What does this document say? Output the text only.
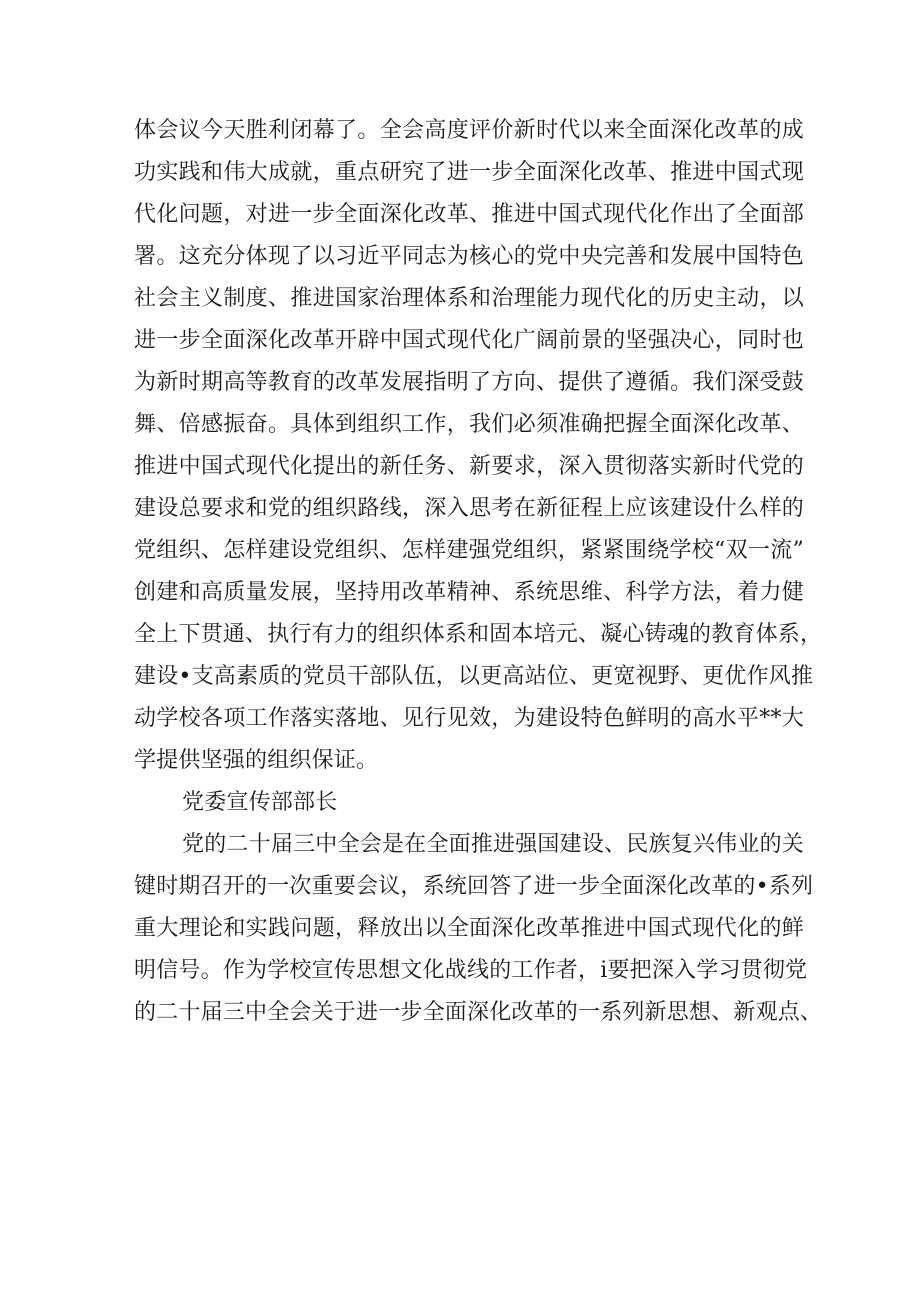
体会议今天胜利闭幕了。全会高度评价新时代以来全面深化改革的成
功实践和伟大成就，重点研究了进一步全面深化改革、推进中国式现
代化问题，对进一步全面深化改革、推进中国式现代化作出了全面部
署。这充分体现了以习近平同志为核心的党中央完善和发展中国特色
社会主义制度、推进国家治理体系和治理能力现代化的历史主动，以
进一步全面深化改革开辟中国式现代化广阔前景的坚强决心，同时也
为新时期高等教育的改革发展指明了方向、提供了遵循。我们深受鼓
舞、倍感振奋。具体到组织工作，我们必须准确把握全面深化改革、
推进中国式现代化提出的新任务、新要求，深入贯彻落实新时代党的
建设总要求和党的组织路线，深入思考在新征程上应该建设什么样的
党组织、怎样建设党组织、怎样建强党组织，紧紧围绕学校“双一流”
创建和高质量发展，坚持用改革精神、系统思维、科学方法，着力健
全上下贯通、执行有力的组织体系和固本培元、凝心铸魂的教育体系，
建设•支高素质的党员干部队伍，以更高站位、更宽视野、更优作风推
动学校各项工作落实落地、见行见效，为建设特色鲜明的高水平**大
学提供坚强的组织保证。
党委宣传部部长
党的二十届三中全会是在全面推进强国建设、民族复兴伟业的关
键时期召开的一次重要会议，系统回答了进一步全面深化改革的•系列
重大理论和实践问题，释放出以全面深化改革推进中国式现代化的鲜
明信号。作为学校宣传思想文化战线的工作者，i要把深入学习贯彻党
的二十届三中全会关于进一步全面深化改革的一系列新思想、新观点、
